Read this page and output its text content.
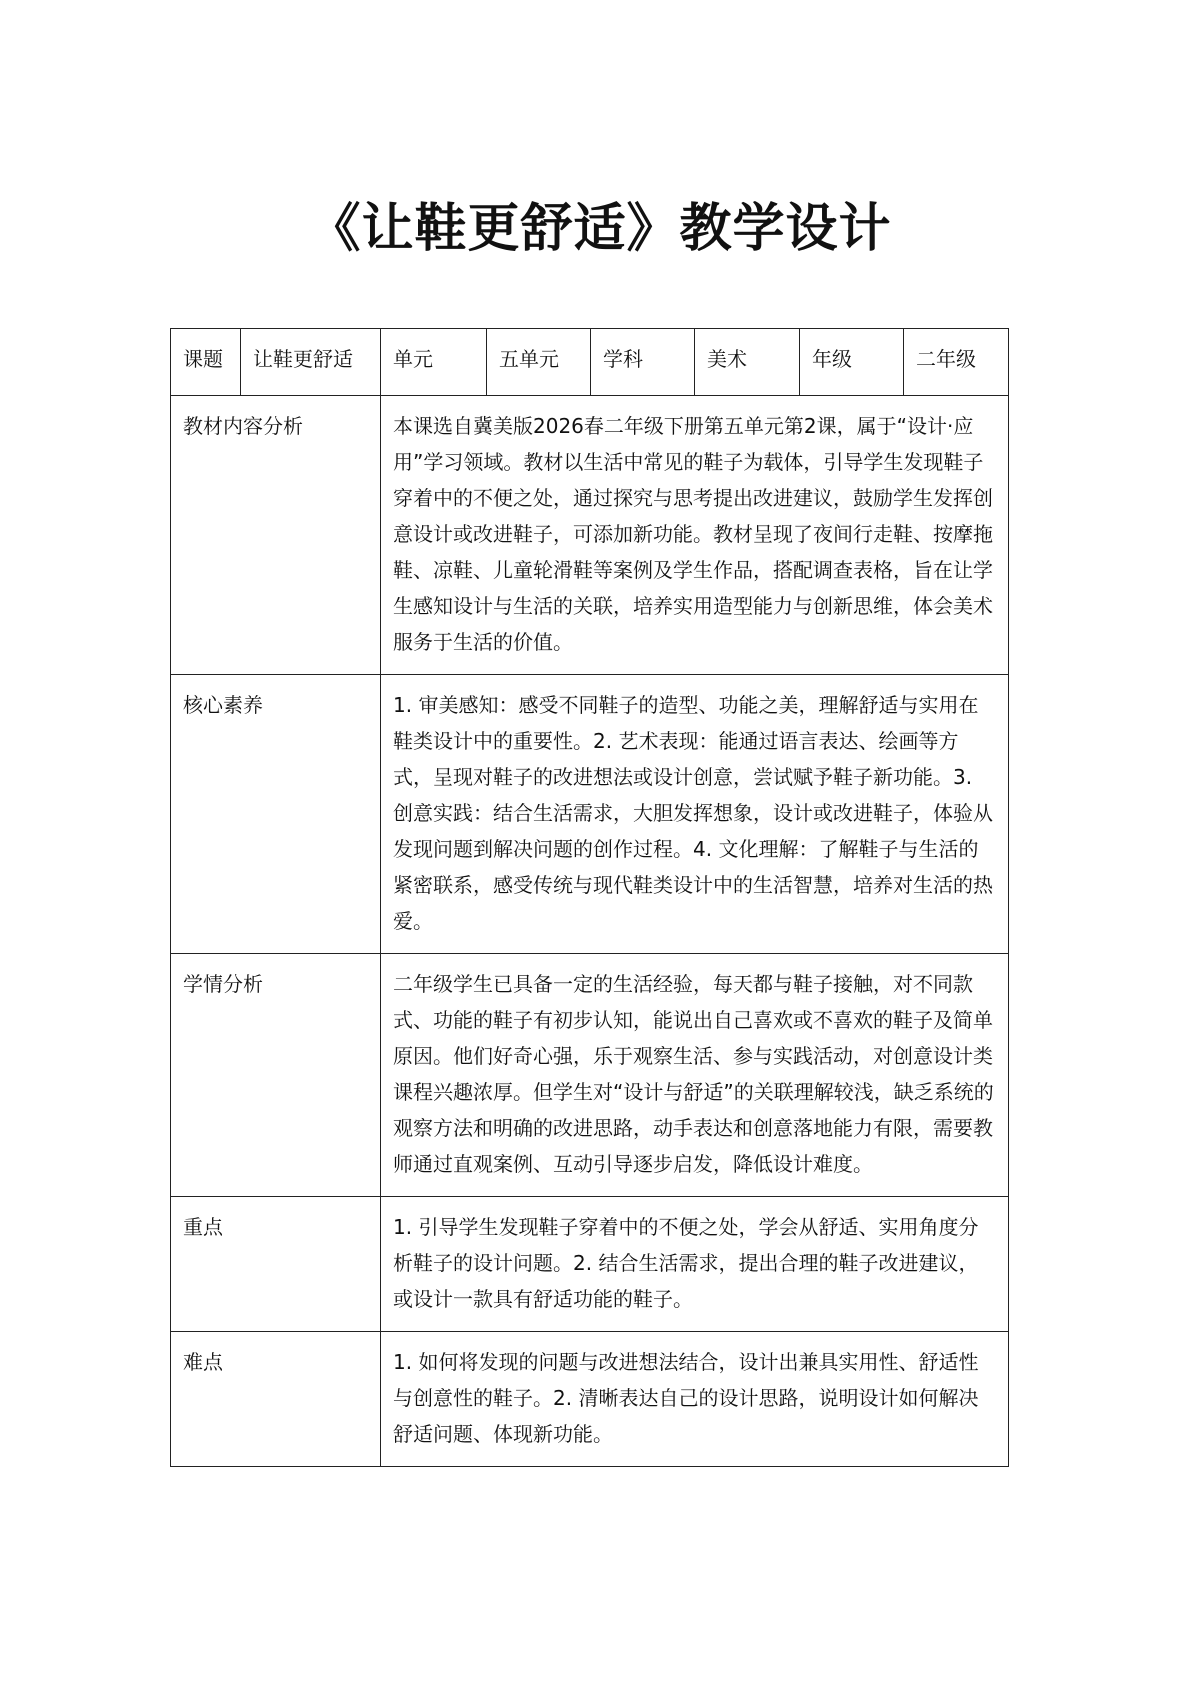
《让鞋更舒适》教学设计
课题	让鞋更舒适	单元	五单元	学科	美术	年级	二年级

教材内容分析		本课选自冀美版2026春二年级下册第五单元第2课，属于“设计·应用”学习领域。教材以生活中常见的鞋子为载体，引导学生发现鞋子穿着中的不便之处，通过探究与思考提出改进建议，鼓励学生发挥创意设计或改进鞋子，可添加新功能。教材呈现了夜间行走鞋、按摩拖鞋、凉鞋、儿童轮滑鞋等案例及学生作品，搭配调查表格，旨在让学生感知设计与生活的关联，培养实用造型能力与创新思维，体会美术服务于生活的价值。					

核心素养		1. 审美感知：感受不同鞋子的造型、功能之美，理解舒适与实用在鞋类设计中的重要性。2. 艺术表现：能通过语言表达、绘画等方式，呈现对鞋子的改进想法或设计创意，尝试赋予鞋子新功能。3. 创意实践：结合生活需求，大胆发挥想象，设计或改进鞋子，体验从发现问题到解决问题的创作过程。4. 文化理解：了解鞋子与生活的紧密联系，感受传统与现代鞋类设计中的生活智慧，培养对生活的热爱。					

学情分析		二年级学生已具备一定的生活经验，每天都与鞋子接触，对不同款式、功能的鞋子有初步认知，能说出自己喜欢或不喜欢的鞋子及简单原因。他们好奇心强，乐于观察生活、参与实践活动，对创意设计类课程兴趣浓厚。但学生对“设计与舒适”的关联理解较浅，缺乏系统的观察方法和明确的改进思路，动手表达和创意落地能力有限，需要教师通过直观案例、互动引导逐步启发，降低设计难度。					

重点		1. 引导学生发现鞋子穿着中的不便之处，学会从舒适、实用角度分析鞋子的设计问题。2. 结合生活需求，提出合理的鞋子改进建议，或设计一款具有舒适功能的鞋子。					

难点		1. 如何将发现的问题与改进想法结合，设计出兼具实用性、舒适性与创意性的鞋子。2. 清晰表达自己的设计思路，说明设计如何解决舒适问题、体现新功能。					
